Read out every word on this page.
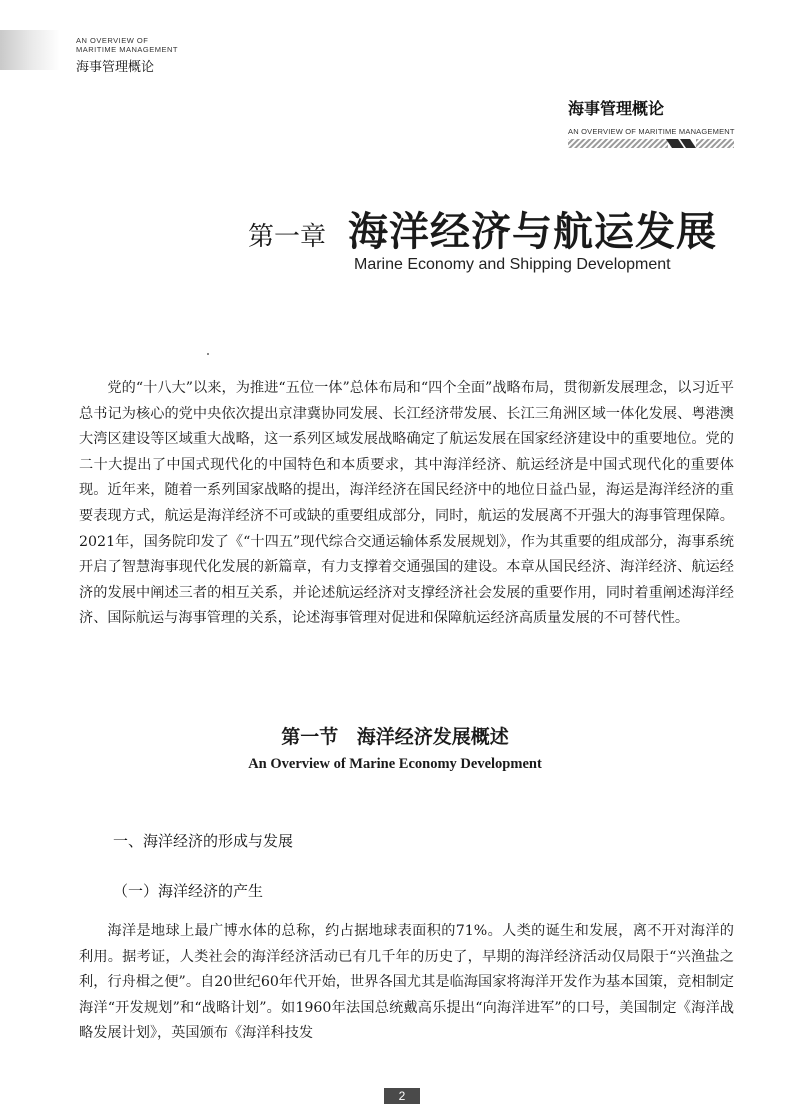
AN OVERVIEW OF MARITIME MANAGEMENT
海事管理概论
海事管理概论
AN OVERVIEW OF MARITIME MANAGEMENT
第一章 海洋经济与航运发展
Marine Economy and Shipping Development

党的“十八大”以来，为推进“五位一体”总体布局和“四个全面”战略布局，贯彻新发展理念，以习近平总书记为核心的党中央依次提出京津冀协同发展、长江经济带发展、长江三角洲区域一体化发展、粤港澳大湾区建设等区域重大战略，这一系列区域发展战略确定了航运发展在国家经济建设中的重要地位。党的二十大提出了中国式现代化的中国特色和本质要求，其中海洋经济、航运经济是中国式现代化的重要体现。近年来，随着一系列国家战略的提出，海洋经济在国民经济中的地位日益凸显，海运是海洋经济的重要表现方式，航运是海洋经济不可或缺的重要组成部分，同时，航运的发展离不开强大的海事管理保障。2021年，国务院印发了《“十四五”现代综合交通运输体系发展规划》，作为其重要的组成部分，海事系统开启了智慧海事现代化发展的新篇章，有力支撑着交通强国的建设。本章从国民经济、海洋经济、航运经济的发展中阐述三者的相互关系，并论述航运经济对支撑经济社会发展的重要作用，同时着重阐述海洋经济、国际航运与海事管理的关系，论述海事管理对促进和保障航运经济高质量发展的不可替代性。

第一节 海洋经济发展概述
An Overview of Marine Economy Development
一、海洋经济的形成与发展
（一）海洋经济的产生

海洋是地球上最广博水体的总称，约占据地球表面积的71%。人类的诞生和发展，离不开对海洋的利用。据考证，人类社会的海洋经济活动已有几千年的历史了，早期的海洋经济活动仅局限于“兴渔盐之利，行舟楫之便”。自20世纪60年代开始，世界各国尤其是临海国家将海洋开发作为基本国策，竞相制定海洋“开发规划”和“战略计划”。如1960年法国总统戴高乐提出“向海洋进军”的口号，美国制定《海洋战略发展计划》，英国颁布《海洋科技发

2
